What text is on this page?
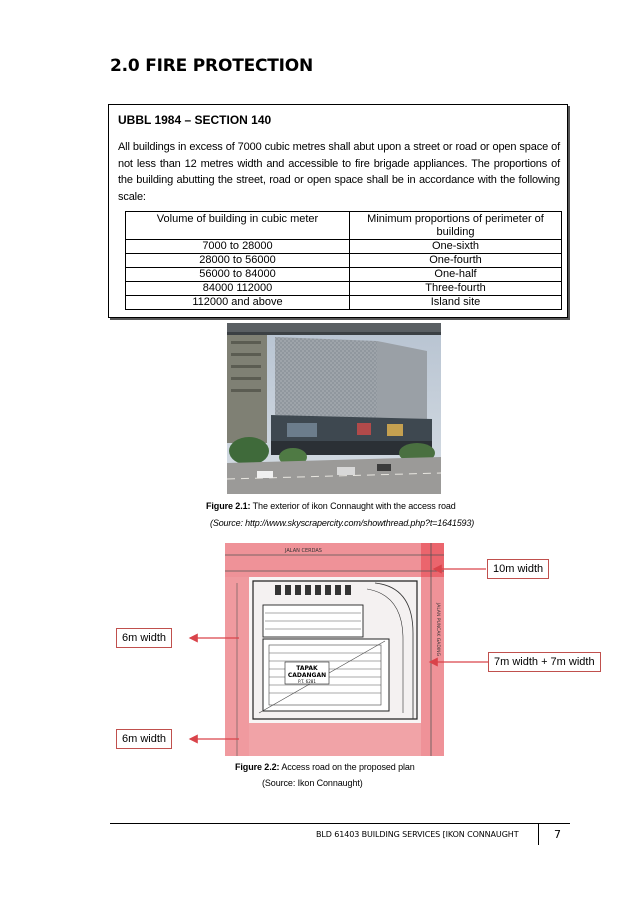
2.0 FIRE PROTECTION

UBBL 1984 – SECTION 140

All buildings in excess of 7000 cubic metres shall abut upon a street or road or open space of not less than 12 metres width and accessible to fire brigade appliances. The proportions of the building abutting the street, road or open space shall be in accordance with the following scale:

Volume of building in cubic meter	Minimum proportions of perimeter of building
7000 to 28000	One-sixth
28000 to 56000	One-fourth
56000 to 84000	One-half
84000 112000	Three-fourth
112000 and above	Island site
Figure 2.1: The exterior of ikon Connaught with the access road
(Source: http://www.skyscrapercity.com/showthread.php?t=1641593)
TAPAK
CADANGAN
P.T. 6281
JALAN CERDAS
JALAN PUNCAK GADING
Figure 2.2: Access road on the proposed plan
(Source: Ikon Connaught)
10m width
6m width
7m width + 7m width
6m width
BLD 61403 BUILDING SERVICES [IKON CONNAUGHT	7
